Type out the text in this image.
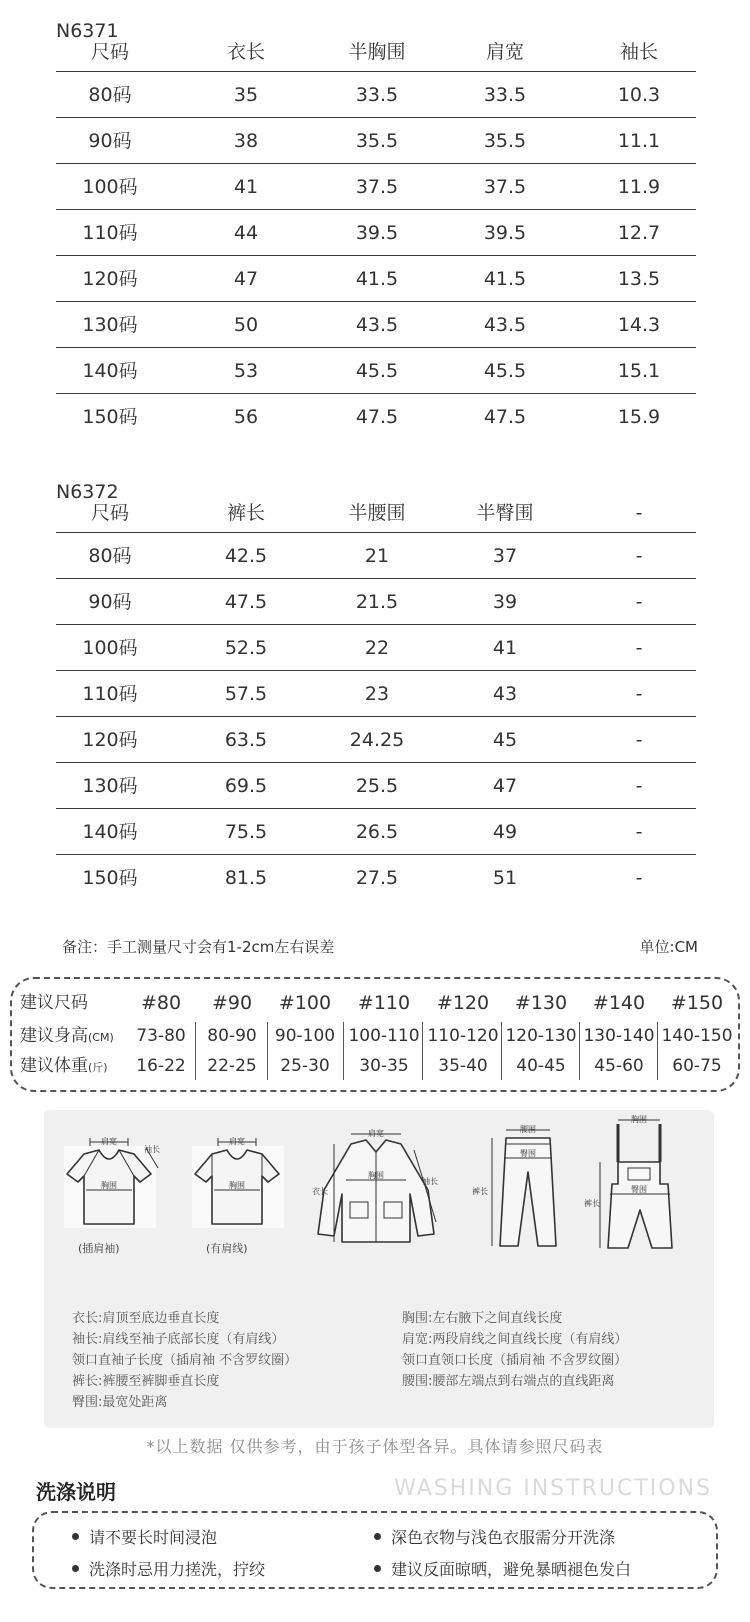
N6371
尺码	衣长	半胸围	肩宽	袖长
80码	35	33.5	33.5	10.3
90码	38	35.5	35.5	11.1
100码	41	37.5	37.5	11.9
110码	44	39.5	39.5	12.7
120码	47	41.5	41.5	13.5
130码	50	43.5	43.5	14.3
140码	53	45.5	45.5	15.1
150码	56	47.5	47.5	15.9
N6372
尺码	裤长	半腰围	半臀围	-
80码	42.5	21	37	-
90码	47.5	21.5	39	-
100码	52.5	22	41	-
110码	57.5	23	43	-
120码	63.5	24.25	45	-
130码	69.5	25.5	47	-
140码	75.5	26.5	49	-
150码	81.5	27.5	51	-
备注：手工测量尺寸会有1-2cm左右误差	单位:CM
建议尺码	#80	#90	#100	#110	#120	#130	#140	#150
建议身高(CM)	73-80	80-90	90-100 100-110 110-120 120-130 130-140 140-150
建议体重(斤)	16-22	22-25	25-30	30-35	35-40	40-45	45-60	60-75
肩宽
胸围
袖长
(插肩袖)
肩宽
胸围
(有肩线)
肩宽
胸围
衣长
袖长
腰围
臀围
裤长
胸围
臀围
裤长
衣长:肩顶至底边垂直长度
袖长:肩线至袖子底部长度（有肩线）
领口直袖子长度（插肩袖 不含罗纹圈）
裤长:裤腰至裤脚垂直长度
臀围:最宽处距离
胸围:左右腋下之间直线长度
肩宽:两段肩线之间直线长度（有肩线）
领口直领口长度（插肩袖 不含罗纹圈）
腰围:腰部左端点到右端点的直线距离
*以上数据 仅供参考，由于孩子体型各异。具体请参照尺码表
洗涤说明	WASHING INSTRUCTIONS
请不要长时间浸泡	深色衣物与浅色衣服需分开洗涤
洗涤时忌用力搓洗，拧绞	建议反面晾晒，避免暴晒褪色发白
